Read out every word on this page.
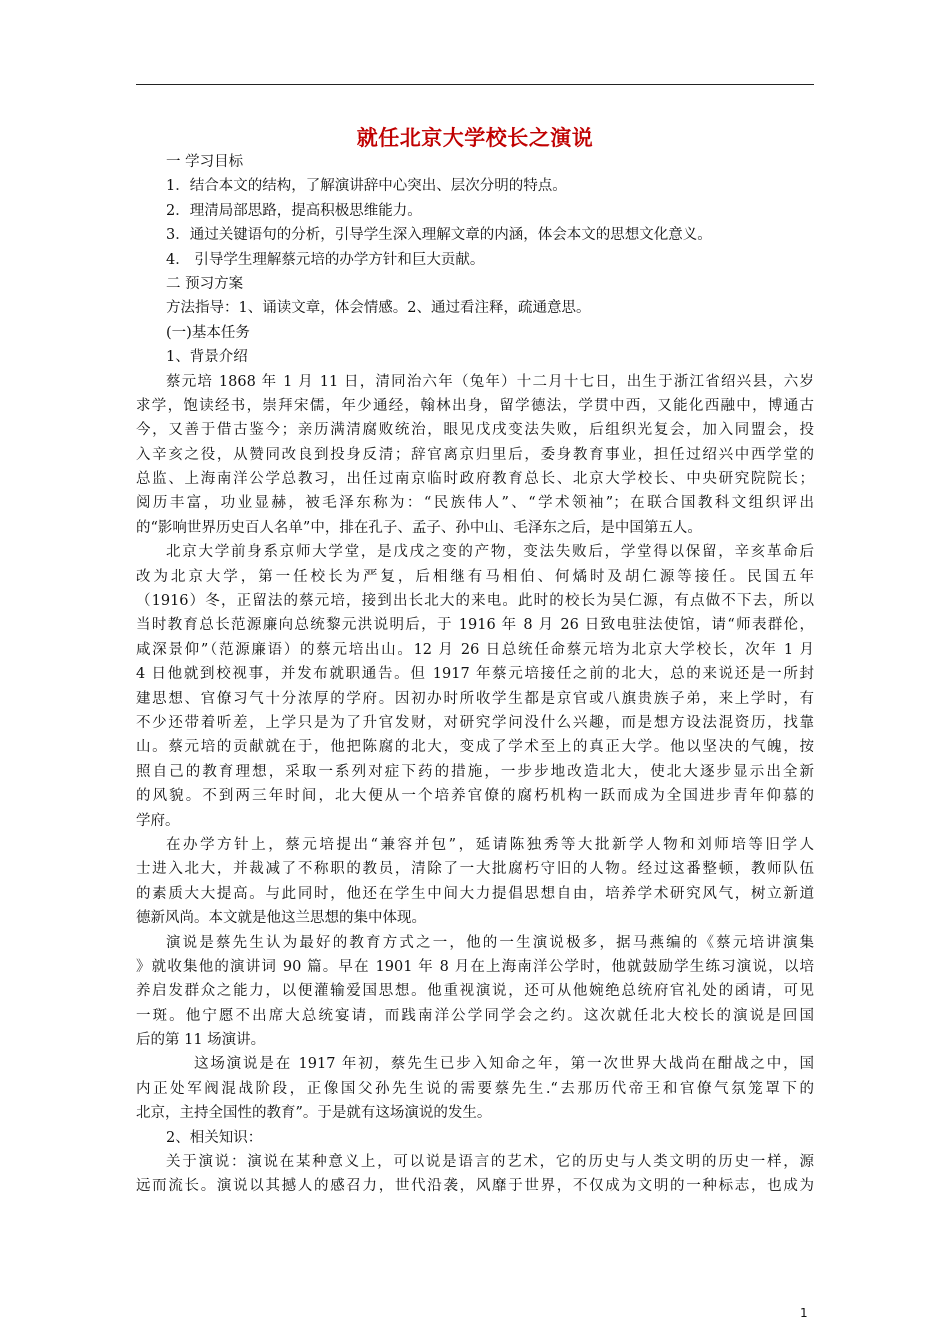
就任北京大学校长之演说
一 学习目标
1．结合本文的结构，了解演讲辞中心突出、层次分明的特点。
2．理清局部思路，提高积极思维能力。
3．通过关键语句的分析，引导学生深入理解文章的内涵，体会本文的思想文化意义。
4． 引导学生理解蔡元培的办学方针和巨大贡献。
二 预习方案
方法指导：1、诵读文章，体会情感。2、通过看注释，疏通意思。
(一)基本任务
1、背景介绍
蔡元培 1868 年 1 月 11 日，清同治六年（兔年）十二月十七日，出生于浙江省绍兴县，六岁
求学，饱读经书，崇拜宋儒，年少通经，翰林出身，留学德法，学贯中西，又能化西融中，博通古
今，又善于借古鉴今；亲历满清腐败统治，眼见戊戌变法失败，后组织光复会，加入同盟会，投
入辛亥之役，从赞同改良到投身反清；辞官离京归里后，委身教育事业，担任过绍兴中西学堂的
总监、上海南洋公学总教习，出任过南京临时政府教育总长、北京大学校长、中央研究院院长；
阅历丰富，功业显赫，被毛泽东称为：“民族伟人”、“学术领袖”；在联合国教科文组织评出
的“影响世界历史百人名单”中，排在孔子、孟子、孙中山、毛泽东之后，是中国第五人。
北京大学前身系京师大学堂，是戊戌之变的产物，变法失败后，学堂得以保留，辛亥革命后
改为北京大学，第一任校长为严复，后相继有马相伯、何燏时及胡仁源等接任。民国五年
（1916）冬，正留法的蔡元培，接到出长北大的来电。此时的校长为吴仁源，有点做不下去，所以
当时教育总长范源廉向总统黎元洪说明后，于 1916 年 8 月 26 日致电驻法使馆，请“师表群伦，
咸深景仰”（范源廉语）的蔡元培出山。12 月 26 日总统任命蔡元培为北京大学校长，次年 1 月
4 日他就到校视事，并发布就职通告。但 1917 年蔡元培接任之前的北大，总的来说还是一所封
建思想、官僚习气十分浓厚的学府。因初办时所收学生都是京官或八旗贵族子弟，来上学时，有
不少还带着听差，上学只是为了升官发财，对研究学问没什么兴趣，而是想方设法混资历，找靠
山。蔡元培的贡献就在于，他把陈腐的北大，变成了学术至上的真正大学。他以坚决的气魄，按
照自己的教育理想，采取一系列对症下药的措施，一步步地改造北大，使北大逐步显示出全新
的风貌。不到两三年时间，北大便从一个培养官僚的腐朽机构一跃而成为全国进步青年仰慕的
学府。
在办学方针上，蔡元培提出“兼容并包”，延请陈独秀等大批新学人物和刘师培等旧学人
士进入北大，并裁减了不称职的教员，清除了一大批腐朽守旧的人物。经过这番整顿，教师队伍
的素质大大提高。与此同时，他还在学生中间大力提倡思想自由，培养学术研究风气，树立新道
德新风尚。本文就是他这兰思想的集中体现。
演说是蔡先生认为最好的教育方式之一，他的一生演说极多，据马燕编的《蔡元培讲演集
》就收集他的演讲词 90 篇。早在 1901 年 8 月在上海南洋公学时，他就鼓励学生练习演说，以培
养启发群众之能力，以便灌输爱国思想。他重视演说，还可从他婉绝总统府官礼处的函请，可见
一斑。他宁愿不出席大总统宴请，而践南洋公学同学会之约。这次就任北大校长的演说是回国
后的第 11 场演讲。
这场演说是在 1917 年初，蔡先生已步入知命之年，第一次世界大战尚在酣战之中，国
内正处军阀混战阶段，正像国父孙先生说的需要蔡先生.“去那历代帝王和官僚气氛笼罩下的
北京，主持全国性的教育”。于是就有这场演说的发生。
2、相关知识：
关于演说：演说在某种意义上，可以说是语言的艺术，它的历史与人类文明的历史一样，源
远而流长。演说以其撼人的感召力，世代沿袭，风靡于世界，不仅成为文明的一种标志，也成为
1
